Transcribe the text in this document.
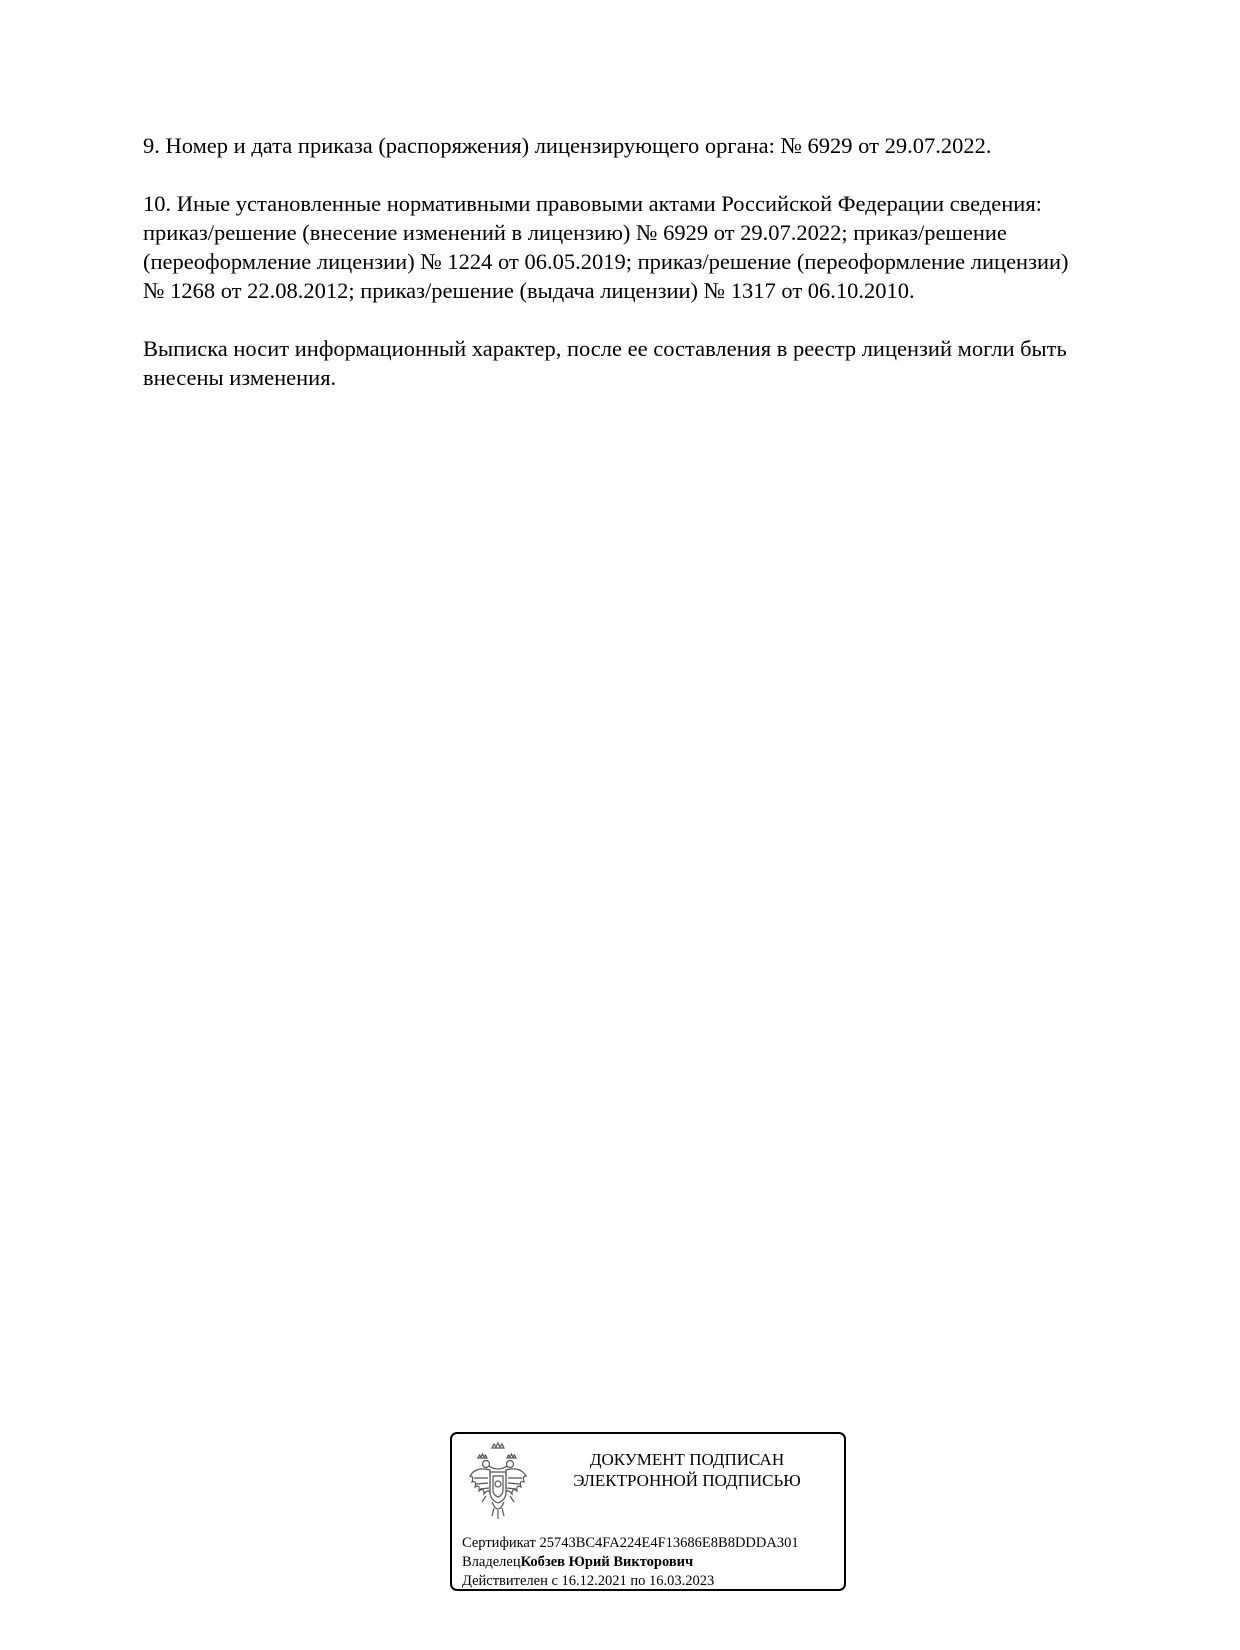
9. Номер и дата приказа (распоряжения) лицензирующего органа: № 6929 от 29.07.2022.

10. Иные установленные нормативными правовыми актами Российской Федерации сведения:
приказ/решение (внесение изменений в лицензию) № 6929 от 29.07.2022; приказ/решение
(переоформление лицензии) № 1224 от 06.05.2019; приказ/решение (переоформление лицензии)
№ 1268 от 22.08.2012; приказ/решение (выдача лицензии) № 1317 от 06.10.2010.

Выписка носит информационный характер, после ее составления в реестр лицензий могли быть
внесены изменения.

ДОКУМЕНТ ПОДПИСАН
ЭЛЕКТРОННОЙ ПОДПИСЬЮ
Сертификат 25743BC4FA224E4F13686E8B8DDDA301
ВладелецКобзев Юрий Викторович
Действителен с 16.12.2021 по 16.03.2023
